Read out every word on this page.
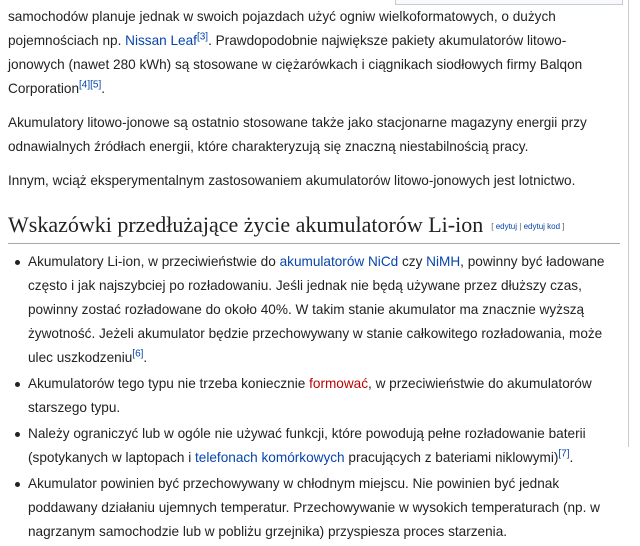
samochodów planuje jednak w swoich pojazdach użyć ogniw wielkoformatowych, o dużych pojemnościach np. Nissan Leaf[3]. Prawdopodobnie największe pakiety akumulatorów litowo-jonowych (nawet 280 kWh) są stosowane w ciężarówkach i ciągnikach siodłowych firmy Balqon Corporation[4][5].

Akumulatory litowo-jonowe są ostatnio stosowane także jako stacjonarne magazyny energii przy odnawialnych źródłach energii, które charakteryzują się znaczną niestabilnością pracy.

Innym, wciąż eksperymentalnym zastosowaniem akumulatorów litowo-jonowych jest lotnictwo.

Wskazówki przedłużające życie akumulatorów Li-ion [ edytuj | edytuj kod ]
Akumulatory Li-ion, w przeciwieństwie do akumulatorów NiCd czy NiMH, powinny być ładowane często i jak najszybciej po rozładowaniu. Jeśli jednak nie będą używane przez dłuższy czas, powinny zostać rozładowane do około 40%. W takim stanie akumulator ma znacznie wyższą żywotność. Jeżeli akumulator będzie przechowywany w stanie całkowitego rozładowania, może ulec uszkodzeniu[6].
Akumulatorów tego typu nie trzeba koniecznie formować, w przeciwieństwie do akumulatorów starszego typu.
Należy ograniczyć lub w ogóle nie używać funkcji, które powodują pełne rozładowanie baterii (spotykanych w laptopach i telefonach komórkowych pracujących z bateriami niklowymi)[7].
Akumulator powinien być przechowywany w chłodnym miejscu. Nie powinien być jednak poddawany działaniu ujemnych temperatur. Przechowywanie w wysokich temperaturach (np. w nagrzanym samochodzie lub w pobliżu grzejnika) przyspiesza proces starzenia.
